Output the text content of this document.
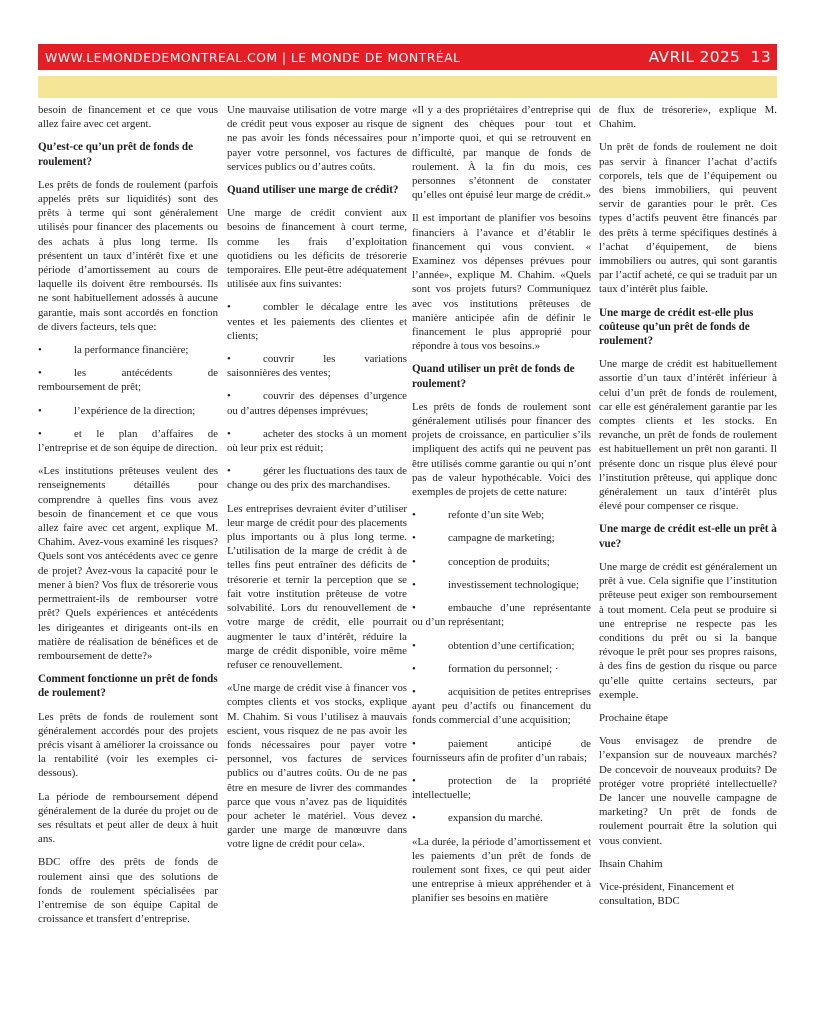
WWW.LEMONDEDEMONTREAL.COM | LE MONDE DE MONTRÉAL	AVRIL 2025 13

besoin de financement et ce que vous allez faire avec cet argent.

Qu’est-ce qu’un prêt de fonds de roulement?

Les prêts de fonds de roulement (parfois appelés prêts sur liquidités) sont des prêts à terme qui sont généralement utilisés pour financer des placements ou des achats à plus long terme. Ils présentent un taux d’intérêt fixe et une période d’amortissement au cours de laquelle ils doivent être remboursés. Ils ne sont habituellement adossés à aucune garantie, mais sont accordés en fonction de divers facteurs, tels que:

•	la performance financière;

•	les antécédents de remboursement de prêt;

•	l’expérience de la direction;

•	et le plan d’affaires de l’entreprise et de son équipe de direction.

«Les institutions prêteuses veulent des renseignements détaillés pour comprendre à quelles fins vous avez besoin de financement et ce que vous allez faire avec cet argent, explique M. Chahim. Avez-vous examiné les risques? Quels sont vos antécédents avec ce genre de projet? Avez-vous la capacité pour le mener à bien? Vos flux de trésorerie vous permettraient-ils de rembourser votre prêt? Quels expériences et antécédents les dirigeantes et dirigeants ont-ils en matière de réalisation de bénéfices et de remboursement de dette?»

Comment fonctionne un prêt de fonds de roulement?

Les prêts de fonds de roulement sont généralement accordés pour des projets précis visant à améliorer la croissance ou la rentabilité (voir les exemples ci-dessous).

La période de remboursement dépend généralement de la durée du projet ou de ses résultats et peut aller de deux à huit ans.

BDC offre des prêts de fonds de roulement ainsi que des solutions de fonds de roulement spécialisées par l’entremise de son équipe Capital de croissance et transfert d’entreprise.

Une mauvaise utilisation de votre marge de crédit peut vous exposer au risque de ne pas avoir les fonds nécessaires pour payer votre personnel, vos factures de services publics ou d’autres coûts.

Quand utiliser une marge de crédit?

Une marge de crédit convient aux besoins de financement à court terme, comme les frais d’exploitation quotidiens ou les déficits de trésorerie temporaires. Elle peut-être adéquatement utilisée aux fins suivantes:

•	combler le décalage entre les ventes et les paiements des clientes et clients;

•	couvrir les variations saisonnières des ventes;

•	couvrir des dépenses d’urgence ou d’autres dépenses imprévues;

•	acheter des stocks à un moment où leur prix est réduit;

•	gérer les fluctuations des taux de change ou des prix des marchandises.

Les entreprises devraient éviter d’utiliser leur marge de crédit pour des placements plus importants ou à plus long terme. L’utilisation de la marge de crédit à de telles fins peut entraîner des déficits de trésorerie et ternir la perception que se fait votre institution prêteuse de votre solvabilité. Lors du renouvellement de votre marge de crédit, elle pourrait augmenter le taux d’intérêt, réduire la marge de crédit disponible, voire même refuser ce renouvellement.

«Une marge de crédit vise à financer vos comptes clients et vos stocks, explique M. Chahim. Si vous l’utilisez à mauvais escient, vous risquez de ne pas avoir les fonds nécessaires pour payer votre personnel, vos factures de services publics ou d’autres coûts. Ou de ne pas être en mesure de livrer des commandes parce que vous n’avez pas de liquidités pour acheter le matériel. Vous devez garder une marge de manœuvre dans votre ligne de crédit pour cela».

«Il y a des propriétaires d’entreprise qui signent des chèques pour tout et n’importe quoi, et qui se retrouvent en difficulté, par manque de fonds de roulement. À la fin du mois, ces personnes s’étonnent de constater qu’elles ont épuisé leur marge de crédit.»

Il est important de planifier vos besoins financiers à l’avance et d’établir le financement qui vous convient. « Examinez vos dépenses prévues pour l’année», explique M. Chahim. «Quels sont vos projets futurs? Communiquez avec vos institutions prêteuses de manière anticipée afin de définir le financement le plus approprié pour répondre à tous vos besoins.»

Quand utiliser un prêt de fonds de roulement?

Les prêts de fonds de roulement sont généralement utilisés pour financer des projets de croissance, en particulier s’ils impliquent des actifs qui ne peuvent pas être utilisés comme garantie ou qui n’ont pas de valeur hypothécable. Voici des exemples de projets de cette nature:

•	refonte d’un site Web;

•	campagne de marketing;

•	conception de produits;

•	investissement technologique;

•	embauche d’une représentante ou d’un représentant;

•	obtention d’une certification;

•	formation du personnel; ·

•	acquisition de petites entreprises ayant peu d’actifs ou financement du fonds commercial d’une acquisition;

•	paiement anticipé de fournisseurs afin de profiter d’un rabais;

•	protection de la propriété intellectuelle;

•	expansion du marché.

«La durée, la période d’amortissement et les paiements d’un prêt de fonds de roulement sont fixes, ce qui peut aider une entreprise à mieux appréhender et à planifier ses besoins en matière

de flux de trésorerie», explique M. Chahim.

Un prêt de fonds de roulement ne doit pas servir à financer l’achat d’actifs corporels, tels que de l’équipement ou des biens immobiliers, qui peuvent servir de garanties pour le prêt. Ces types d’actifs peuvent être financés par des prêts à terme spécifiques destinés à l’achat d’équipement, de biens immobiliers ou autres, qui sont garantis par l’actif acheté, ce qui se traduit par un taux d’intérêt plus faible.

Une marge de crédit est-elle plus coûteuse qu’un prêt de fonds de roulement?

Une marge de crédit est habituellement assortie d’un taux d’intérêt inférieur à celui d’un prêt de fonds de roulement, car elle est généralement garantie par les comptes clients et les stocks. En revanche, un prêt de fonds de roulement est habituellement un prêt non garanti. Il présente donc un risque plus élevé pour l’institution prêteuse, qui applique donc généralement un taux d’intérêt plus élevé pour compenser ce risque.

Une marge de crédit est-elle un prêt à vue?

Une marge de crédit est généralement un prêt à vue. Cela signifie que l’institution prêteuse peut exiger son remboursement à tout moment. Cela peut se produire si une entreprise ne respecte pas les conditions du prêt ou si la banque révoque le prêt pour ses propres raisons, à des fins de gestion du risque ou parce qu’elle quitte certains secteurs, par exemple.

Prochaine étape

Vous envisagez de prendre de l’expansion sur de nouveaux marchés? De concevoir de nouveaux produits? De protéger votre propriété intellectuelle? De lancer une nouvelle campagne de marketing? Un prêt de fonds de roulement pourrait être la solution qui vous convient.

Ihsain Chahim

Vice-président, Financement et consultation, BDC
